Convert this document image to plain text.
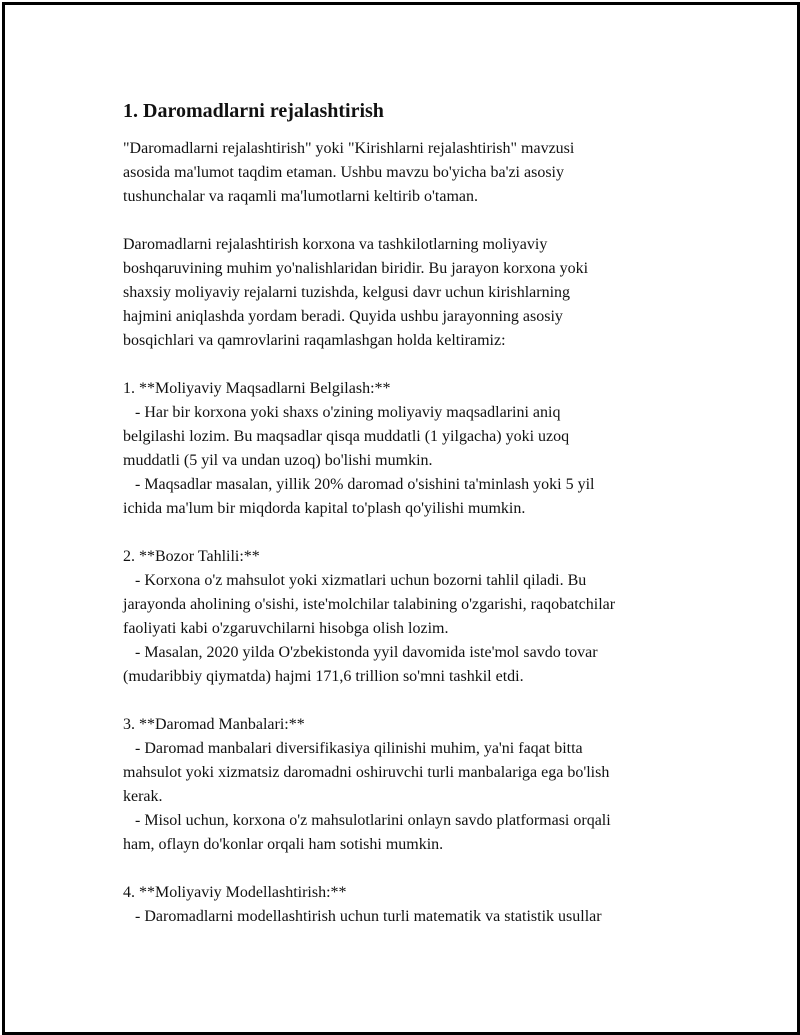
1. Daromadlarni rejalashtirish
"Daromadlarni rejalashtirish" yoki "Kirishlarni rejalashtirish" mavzusi
asosida ma'lumot taqdim etaman. Ushbu mavzu bo'yicha ba'zi asosiy
tushunchalar va raqamli ma'lumotlarni keltirib o'taman.
Daromadlarni rejalashtirish korxona va tashkilotlarning moliyaviy
boshqaruvining muhim yo'nalishlaridan biridir. Bu jarayon korxona yoki
shaxsiy moliyaviy rejalarni tuzishda, kelgusi davr uchun kirishlarning
hajmini aniqlashda yordam beradi. Quyida ushbu jarayonning asosiy
bosqichlari va qamrovlarini raqamlashgan holda keltiramiz:
1. **Moliyaviy Maqsadlarni Belgilash:**
- Har bir korxona yoki shaxs o'zining moliyaviy maqsadlarini aniq
belgilashi lozim. Bu maqsadlar qisqa muddatli (1 yilgacha) yoki uzoq
muddatli (5 yil va undan uzoq) bo'lishi mumkin.
- Maqsadlar masalan, yillik 20% daromad o'sishini ta'minlash yoki 5 yil
ichida ma'lum bir miqdorda kapital to'plash qo'yilishi mumkin.
2. **Bozor Tahlili:**
- Korxona o'z mahsulot yoki xizmatlari uchun bozorni tahlil qiladi. Bu
jarayonda aholining o'sishi, iste'molchilar talabining o'zgarishi, raqobatchilar
faoliyati kabi o'zgaruvchilarni hisobga olish lozim.
- Masalan, 2020 yilda O'zbekistonda yyil davomida iste'mol savdo tovar
(mudaribbiy qiymatda) hajmi 171,6 trillion so'mni tashkil etdi.
3. **Daromad Manbalari:**
- Daromad manbalari diversifikasiya qilinishi muhim, ya'ni faqat bitta
mahsulot yoki xizmatsiz daromadni oshiruvchi turli manbalariga ega bo'lish
kerak.
- Misol uchun, korxona o'z mahsulotlarini onlayn savdo platformasi orqali
ham, oflayn do'konlar orqali ham sotishi mumkin.
4. **Moliyaviy Modellashtirish:**
- Daromadlarni modellashtirish uchun turli matematik va statistik usullar
